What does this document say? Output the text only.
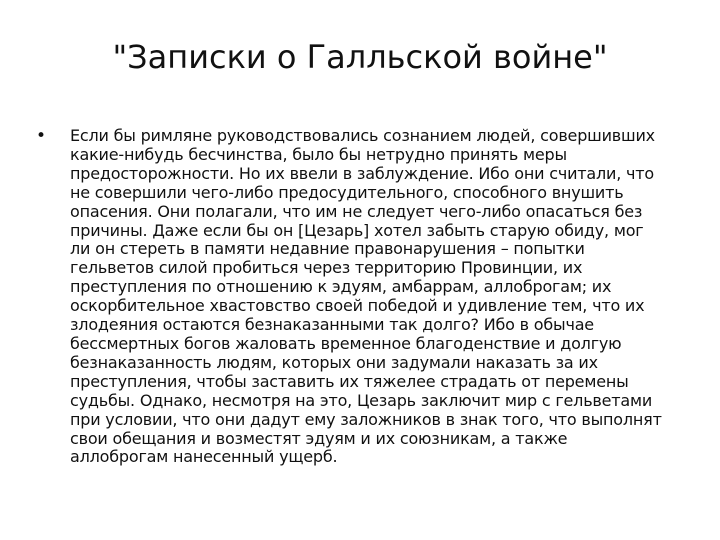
"Записки о Галльской войне"
• Если бы римляне руководствовались сознанием людей, совершивших
какие-нибудь бесчинства, было бы нетрудно принять меры
предосторожности. Но их ввели в заблуждение. Ибо они считали, что
не совершили чего-либо предосудительного, способного внушить
опасения. Они полагали, что им не следует чего-либо опасаться без
причины. Даже если бы он [Цезарь] хотел забыть старую обиду, мог
ли он стереть в памяти недавние правонарушения – попытки
гельветов силой пробиться через территорию Провинции, их
преступления по отношению к эдуям, амбаррам, аллоброгам; их
оскорбительное хвастовство своей победой и удивление тем, что их
злодеяния остаются безнаказанными так долго? Ибо в обычае
бессмертных богов жаловать временное благоденствие и долгую
безнаказанность людям, которых они задумали наказать за их
преступления, чтобы заставить их тяжелее страдать от перемены
судьбы. Однако, несмотря на это, Цезарь заключит мир с гельветами
при условии, что они дадут ему заложников в знак того, что выполнят
свои обещания и возместят эдуям и их союзникам, а также
аллоброгам нанесенный ущерб.
